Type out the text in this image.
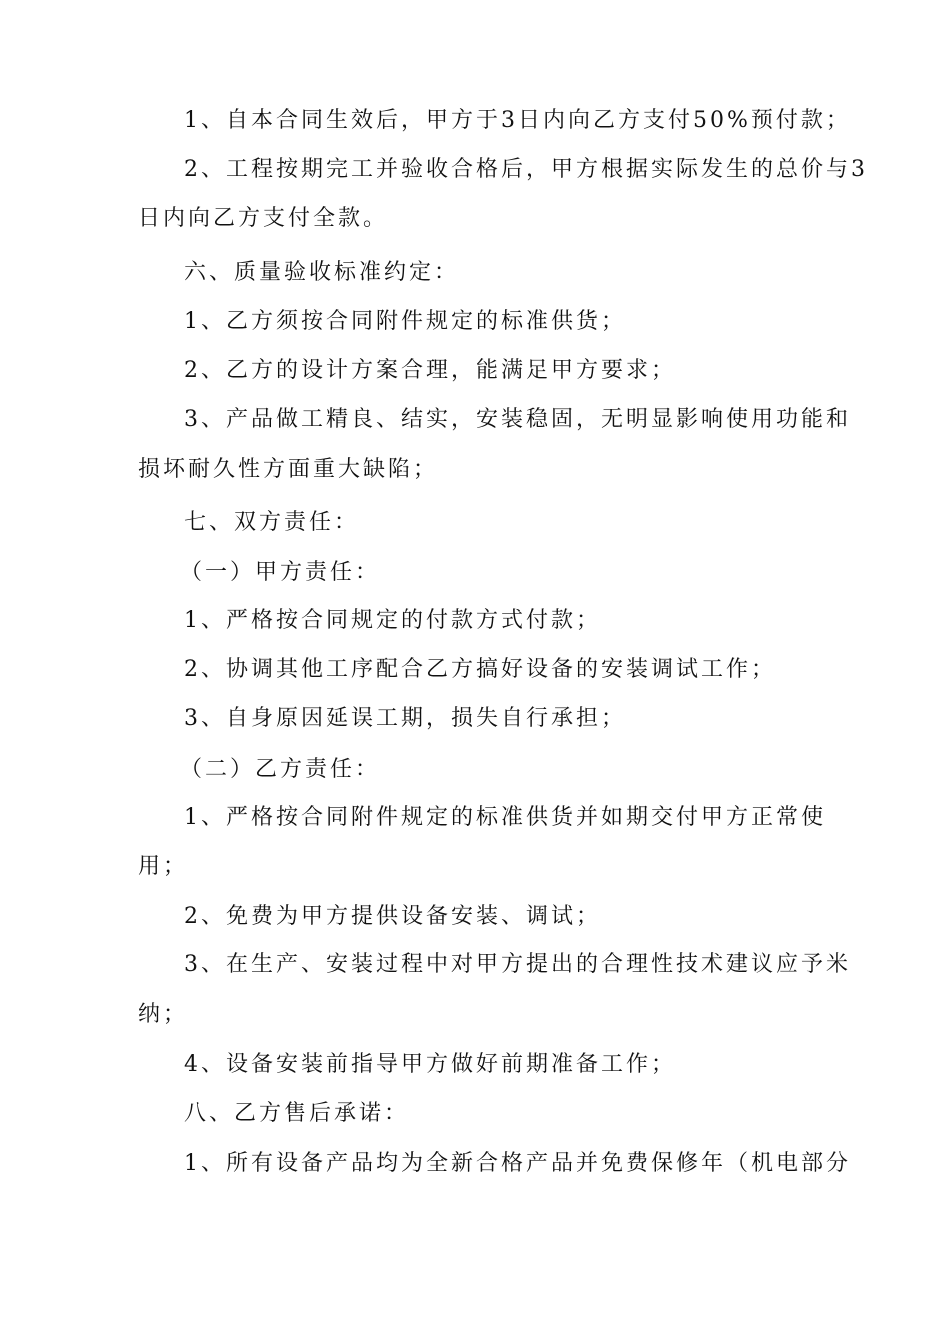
1、自本合同生效后，甲方于3日内向乙方支付50%预付款；
2、工程按期完工并验收合格后，甲方根据实际发生的总价与3
日内向乙方支付全款。
六、质量验收标准约定：
1、乙方须按合同附件规定的标准供货；
2、乙方的设计方案合理，能满足甲方要求；
3、产品做工精良、结实，安装稳固，无明显影响使用功能和
损坏耐久性方面重大缺陷；
七、双方责任：
（一）甲方责任：
1、严格按合同规定的付款方式付款；
2、协调其他工序配合乙方搞好设备的安装调试工作；
3、自身原因延误工期，损失自行承担；
（二）乙方责任：
1、严格按合同附件规定的标准供货并如期交付甲方正常使
用；
2、免费为甲方提供设备安装、调试；
3、在生产、安装过程中对甲方提出的合理性技术建议应予米
纳；
4、设备安装前指导甲方做好前期准备工作；
八、乙方售后承诺：
1、所有设备产品均为全新合格产品并免费保修年（机电部分
